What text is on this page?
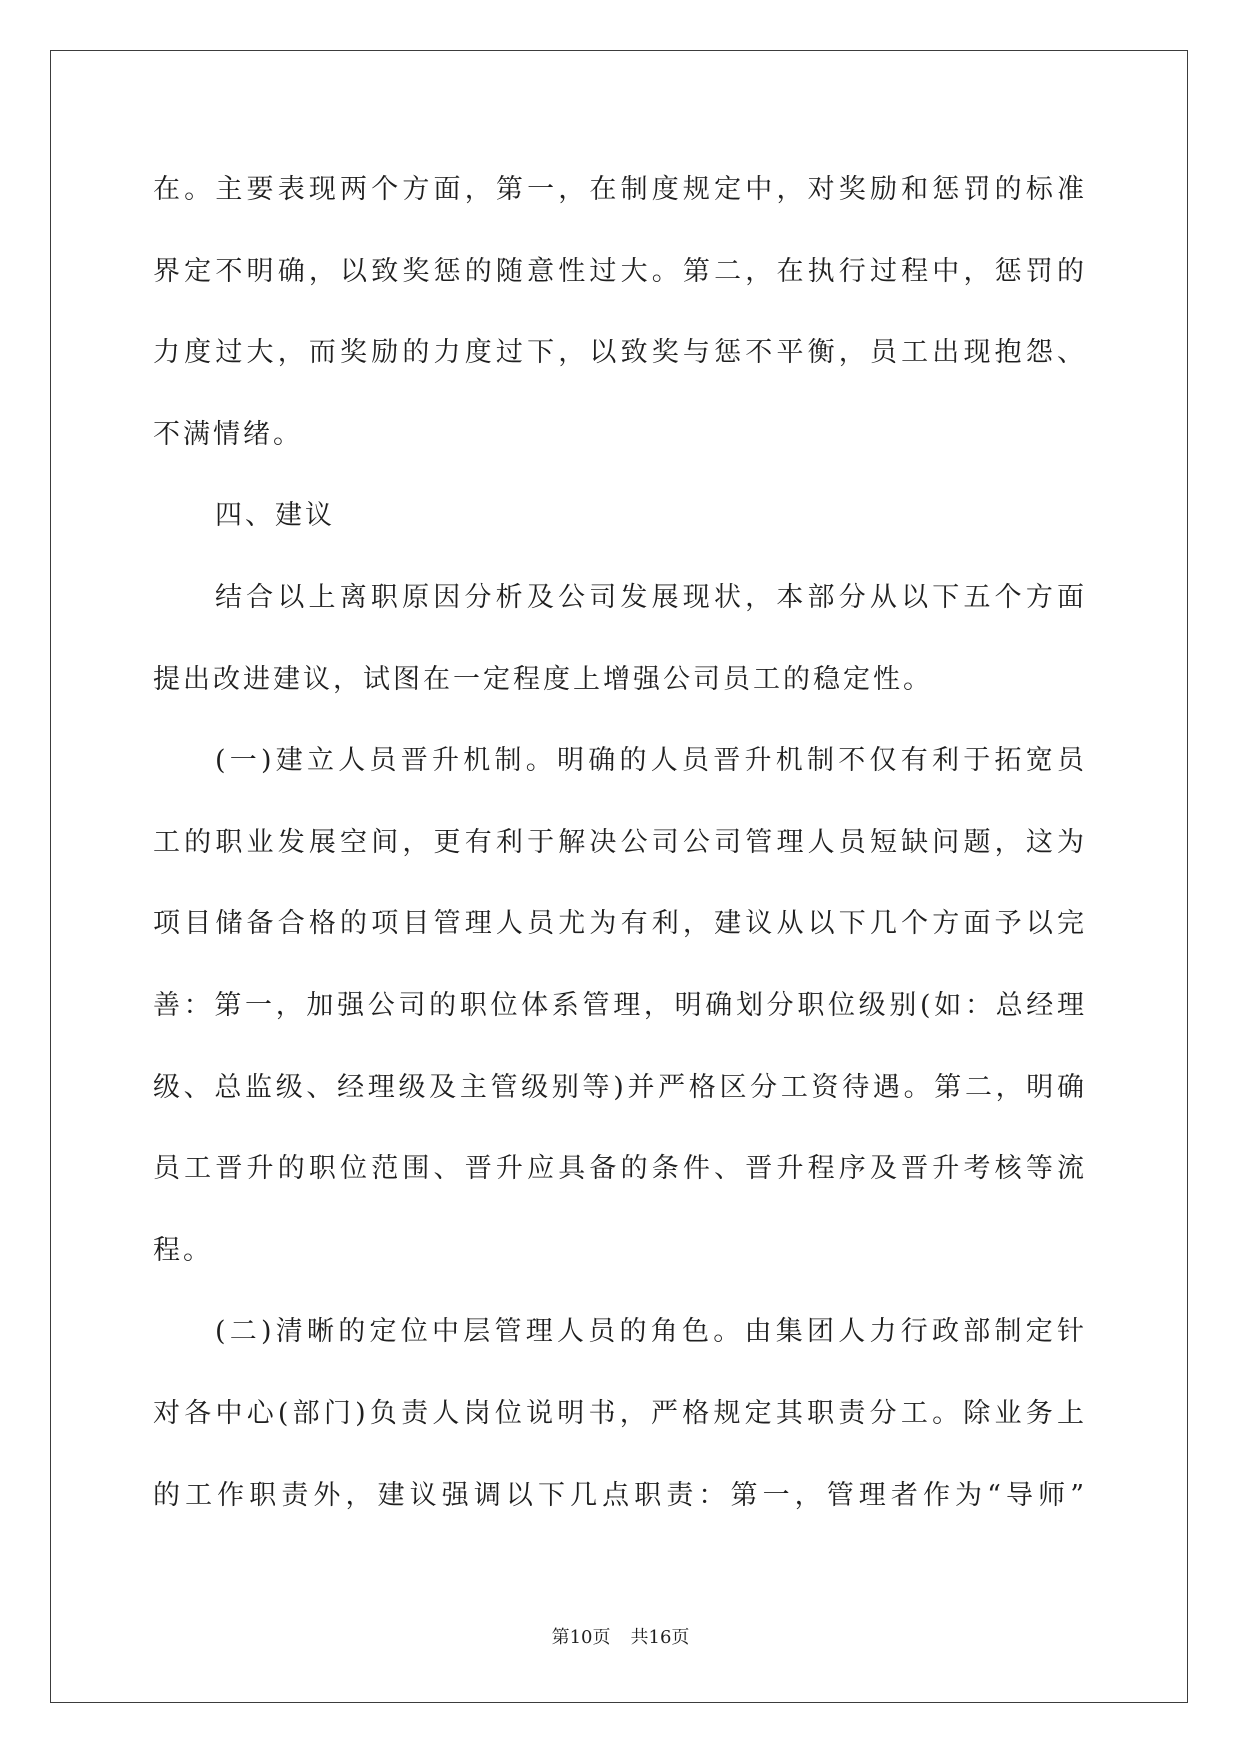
在。主要表现两个方面，第一，在制度规定中，对奖励和惩罚的标准
界定不明确，以致奖惩的随意性过大。第二，在执行过程中，惩罚的
力度过大，而奖励的力度过下，以致奖与惩不平衡，员工出现抱怨、
不满情绪。
四、建议
结合以上离职原因分析及公司发展现状，本部分从以下五个方面
提出改进建议，试图在一定程度上增强公司员工的稳定性。
(一)建立人员晋升机制。明确的人员晋升机制不仅有利于拓宽员
工的职业发展空间，更有利于解决公司公司管理人员短缺问题，这为
项目储备合格的项目管理人员尤为有利，建议从以下几个方面予以完
善：第一，加强公司的职位体系管理，明确划分职位级别(如：总经理
级、总监级、经理级及主管级别等)并严格区分工资待遇。第二，明确
员工晋升的职位范围、晋升应具备的条件、晋升程序及晋升考核等流
程。
(二)清晰的定位中层管理人员的角色。由集团人力行政部制定针
对各中心(部门)负责人岗位说明书，严格规定其职责分工。除业务上
的工作职责外，建议强调以下几点职责：第一，管理者作为“导师”
第10页 共16页
